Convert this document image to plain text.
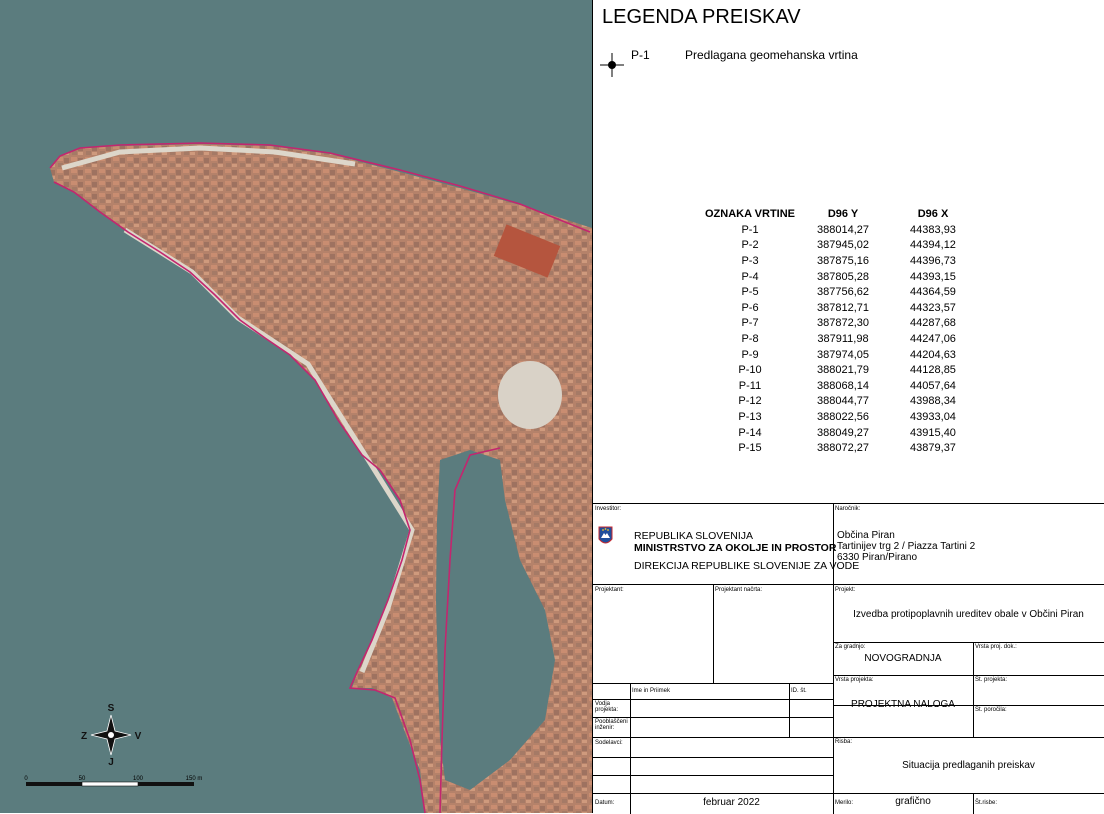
S
J
Z	V
0	50	100	150 m
LEGENDA PREISKAV
P-1	Predlagana geomehanska vrtina
OZNAKA VRTINE	D96 Y	D96 X
P-1	388014,27	44383,93
P-2	387945,02	44394,12
P-3	387875,16	44396,73
P-4	387805,28	44393,15
P-5	387756,62	44364,59
P-6	387812,71	44323,57
P-7	387872,30	44287,68
P-8	387911,98	44247,06
P-9	387974,05	44204,63
P-10	388021,79	44128,85
P-11	388068,14	44057,64
P-12	388044,77	43988,34
P-13	388022,56	43933,04
P-14	388049,27	43915,40
P-15	388072,27	43879,37
Investitor:
REPUBLIKA SLOVENIJA
MINISTRSTVO ZA OKOLJE IN PROSTOR
DIREKCIJA REPUBLIKE SLOVENIJE ZA VODE
Naročnik:
Občina Piran
Tartinijev trg 2 / Piazza Tartini 2
6330 Piran/Pirano
Projektant:	Projektant načrta:	Projekt:
Izvedba protipoplavnih ureditev obale v Občini Piran
Za gradnjo:
NOVOGRADNJA
Vrsta proj. dok.:
Vrsta projekta:
PROJEKTNA NALOGA
Št. projekta:
Št. poročila:
Ime in Priimek	ID. št.
Vodja projekta:
Pooblaščeni inženir:
Sodelavci:	Risba:
Situacija predlaganih preiskav
Datum:	februar 2022	Merilo:	grafično	Št.risbe:
